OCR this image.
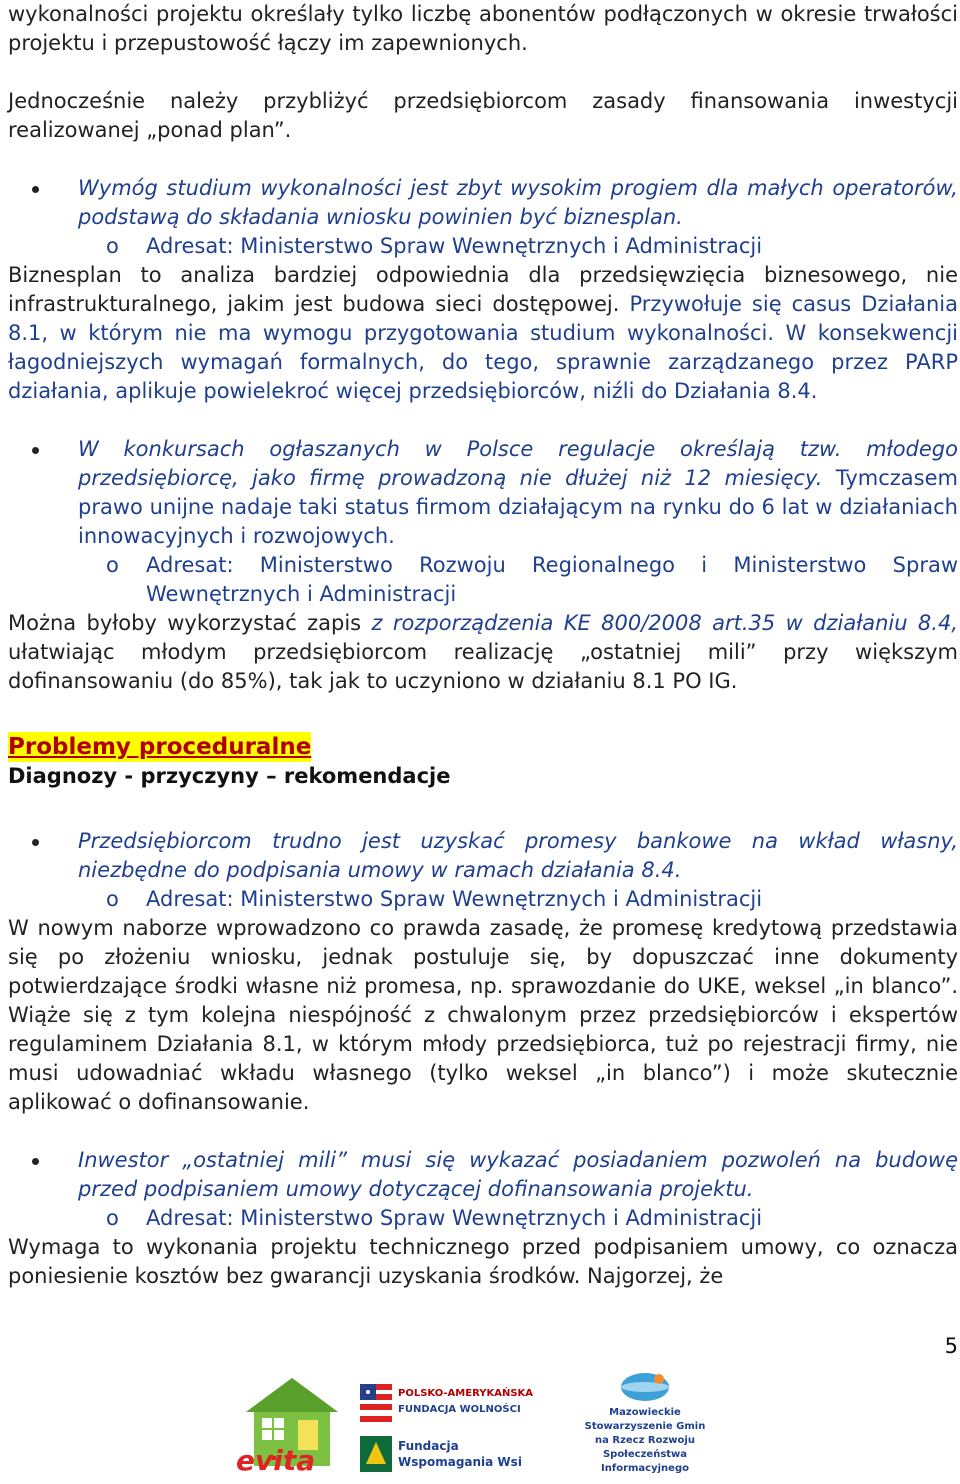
wykonalności projektu określały tylko liczbę abonentów podłączonych w okresie trwałości projektu i przepustowość łączy im zapewnionych.

Jednocześnie należy przybliżyć przedsiębiorcom zasady finansowania inwestycji realizowanej „ponad plan”.

Wymóg studium wykonalności jest zbyt wysokim progiem dla małych operatorów, podstawą do składania wniosku powinien być biznesplan.

o	Adresat: Ministerstwo Spraw Wewnętrznych i Administracji

Biznesplan to analiza bardziej odpowiednia dla przedsięwzięcia biznesowego, nie infrastrukturalnego, jakim jest budowa sieci dostępowej. Przywołuje się casus Działania 8.1, w którym nie ma wymogu przygotowania studium wykonalności. W konsekwencji łagodniejszych wymagań formalnych, do tego, sprawnie zarządzanego przez PARP działania, aplikuje powielekroć więcej przedsiębiorców, niźli do Działania 8.4.

W konkursach ogłaszanych w Polsce regulacje określają tzw. młodego przedsiębiorcę, jako firmę prowadzoną nie dłużej niż 12 miesięcy. Tymczasem prawo unijne nadaje taki status firmom działającym na rynku do 6 lat w działaniach innowacyjnych i rozwojowych.

o	Adresat: Ministerstwo Rozwoju Regionalnego i Ministerstwo Spraw Wewnętrznych i Administracji

Można byłoby wykorzystać zapis z rozporządzenia KE 800/2008 art.35 w działaniu 8.4, ułatwiając młodym przedsiębiorcom realizację „ostatniej mili” przy większym dofinansowaniu (do 85%), tak jak to uczyniono w działaniu 8.1 PO IG.

Problemy proceduralne

Diagnozy - przyczyny – rekomendacje

Przedsiębiorcom trudno jest uzyskać promesy bankowe na wkład własny, niezbędne do podpisania umowy w ramach działania 8.4.

o	Adresat: Ministerstwo Spraw Wewnętrznych i Administracji

W nowym naborze wprowadzono co prawda zasadę, że promesę kredytową przedstawia się po złożeniu wniosku, jednak postuluje się, by dopuszczać inne dokumenty potwierdzające środki własne niż promesa, np. sprawozdanie do UKE, weksel „in blanco”. Wiąże się z tym kolejna niespójność z chwalonym przez przedsiębiorców i ekspertów regulaminem Działania 8.1, w którym młody przedsiębiorca, tuż po rejestracji firmy, nie musi udowadniać wkładu własnego (tylko weksel „in blanco”) i może skutecznie aplikować o dofinansowanie.

Inwestor „ostatniej mili” musi się wykazać posiadaniem pozwoleń na budowę przed podpisaniem umowy dotyczącej dofinansowania projektu.

o	Adresat: Ministerstwo Spraw Wewnętrznych i Administracji

Wymaga to wykonania projektu technicznego przed podpisaniem umowy, co oznacza poniesienie kosztów bez gwarancji uzyskania środków. Najgorzej, że

5
evita
POLSKO-AMERYKAŃSKA
FUNDACJA WOLNOŚCI
Fundacja
Wspomagania Wsi
Mazowieckie
Stowarzyszenie Gmin
na Rzecz Rozwoju
Społeczeństwa
Informacyjnego
